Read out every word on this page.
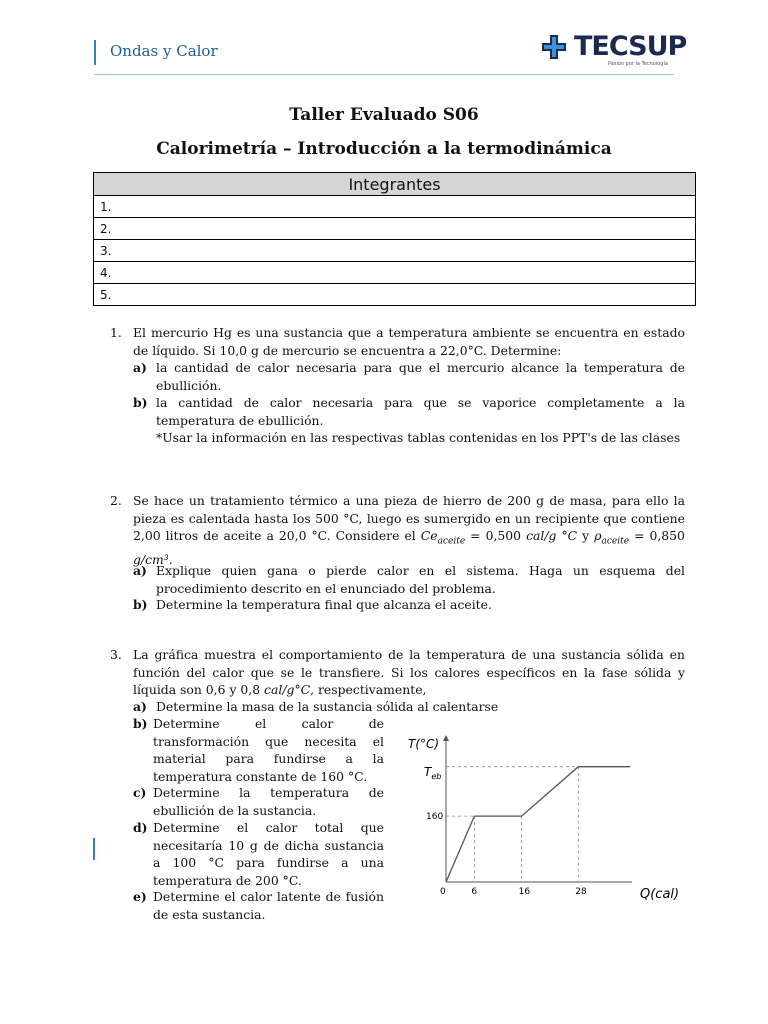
Ondas y Calor	TECSUP
Pasión por la Tecnología
Taller Evaluado S06
Calorimetría – Introducción a la termodinámica
Integrantes
1.
2.
3.
4.
5.
1. El mercurio Hg es una sustancia que a temperatura ambiente se encuentra en estado de líquido. Si 10,0 g de mercurio se encuentra a 22,0°C. Determine:
a) la cantidad de calor necesaria para que el mercurio alcance la temperatura de ebullición.
b) la cantidad de calor necesaria para que se vaporice completamente a la temperatura de ebullición.
*Usar la información en las respectivas tablas contenidas en los PPT's de las clases
2. Se hace un tratamiento térmico a una pieza de hierro de 200 g de masa, para ello la pieza es calentada hasta los 500 °C, luego es sumergido en un recipiente que contiene 2,00 litros de aceite a 20,0 °C. Considere el $Ce_{aceite} = 0,500$ cal/g °C y $\rho_{aceite} = 0,850$ g/cm³.
a) Explique quien gana o pierde calor en el sistema. Haga un esquema del procedimiento descrito en el enunciado del problema.
b) Determine la temperatura final que alcanza el aceite.
3. La gráfica muestra el comportamiento de la temperatura de una sustancia sólida en función del calor que se le transfiere. Si los calores específicos en la fase sólida y líquida son 0,6 y 0,8 cal/g°C, respectivamente,
a) Determine la masa de la sustancia sólida al calentarse
b) Determine el calor de transformación que necesita el material para fundirse a la temperatura constante de 160 °C.
c) Determine la temperatura de ebullición de la sustancia.
d) Determine el calor total que necesitaría 10 g de dicha sustancia a 100 °C para fundirse a una temperatura de 200 °C.
e) Determine el calor latente de fusión de esta sustancia.
T(°C)
160
0	6	16	28
$T_{eb}$
Q(cal)
